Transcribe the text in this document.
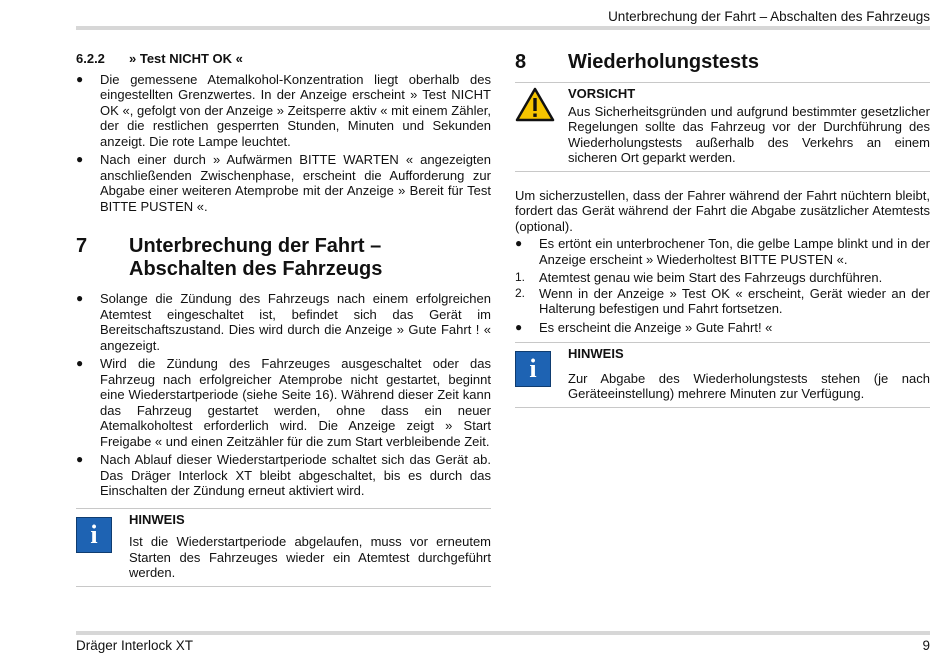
Unterbrechung der Fahrt – Abschalten des Fahrzeugs
6.2.2	» Test NICHT OK «
●	Die gemessene Atemalkohol-Konzentration liegt oberhalb des eingestellten Grenzwertes. In der Anzeige erscheint » Test NICHT OK «, gefolgt von der Anzeige » Zeitsperre aktiv « mit einem Zähler, der die restlichen gesperrten Stunden, Minuten und Sekunden anzeigt. Die rote Lampe leuchtet.
●	Nach einer durch » Aufwärmen BITTE WARTEN « angezeigten anschließenden Zwischenphase, erscheint die Aufforderung zur Abgabe einer weiteren Atemprobe mit der Anzeige » Bereit für Test BITTE PUSTEN «.
7	Unterbrechung der Fahrt –
Abschalten des Fahrzeugs
●	Solange die Zündung des Fahrzeugs nach einem erfolgreichen Atemtest eingeschaltet ist, befindet sich das Gerät im Bereitschaftszustand. Dies wird durch die Anzeige » Gute Fahrt ! « angezeigt.
●	Wird die Zündung des Fahrzeuges ausgeschaltet oder das Fahrzeug nach erfolgreicher Atemprobe nicht gestartet, beginnt eine Wiederstartperiode (siehe Seite 16). Während dieser Zeit kann das Fahrzeug gestartet werden, ohne dass ein neuer Atemalkoholtest erforderlich wird. Die Anzeige zeigt » Start Freigabe « und einen Zeitzähler für die zum Start verbleibende Zeit.
●	Nach Ablauf dieser Wiederstartperiode schaltet sich das Gerät ab. Das Dräger Interlock XT bleibt abgeschaltet, bis es durch das Einschalten der Zündung erneut aktiviert wird.
i
HINWEIS
Ist die Wiederstartperiode abgelaufen, muss vor erneutem Starten des Fahrzeuges wieder ein Atemtest durchgeführt werden.
8	Wiederholungstests
VORSICHT
Aus Sicherheitsgründen und aufgrund bestimmter gesetzlicher Regelungen sollte das Fahrzeug vor der Durchführung des Wiederholungstests außerhalb des Verkehrs an einem sicheren Ort geparkt werden.
Um sicherzustellen, dass der Fahrer während der Fahrt nüchtern bleibt, fordert das Gerät während der Fahrt die Abgabe zusätzlicher Atemtests (optional).
●	Es ertönt ein unterbrochener Ton, die gelbe Lampe blinkt und in der Anzeige erscheint » Wiederholtest BITTE PUSTEN «.
1.	Atemtest genau wie beim Start des Fahrzeugs durchführen.
2.	Wenn in der Anzeige » Test OK « erscheint, Gerät wieder an der Halterung befestigen und Fahrt fortsetzen.
●	Es erscheint die Anzeige » Gute Fahrt! «
i
HINWEIS
Zur Abgabe des Wiederholungstests stehen (je nach Geräteeinstellung) mehrere Minuten zur Verfügung.
Dräger Interlock XT	9
